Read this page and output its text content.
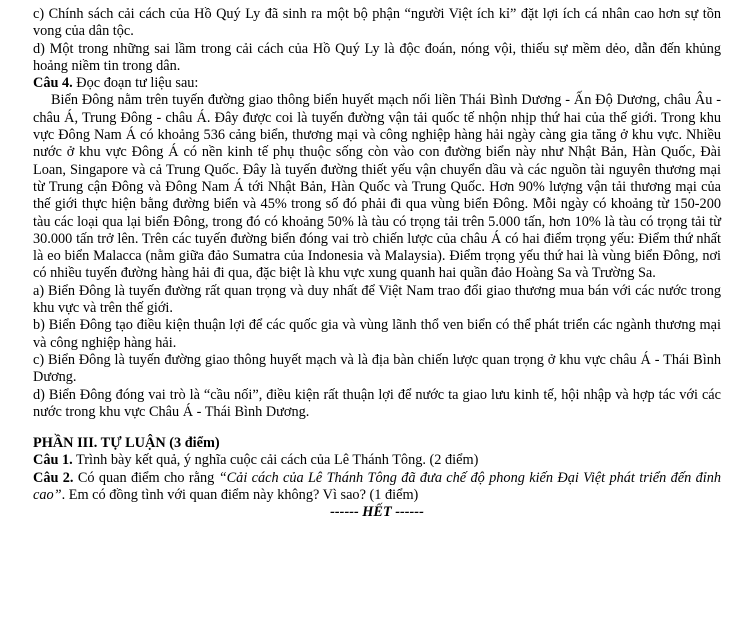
c) Chính sách cải cách của Hồ Quý Ly đã sinh ra một bộ phận “người Việt ích kỉ” đặt lợi ích cá nhân cao hơn sự tồn vong của dân tộc.

d) Một trong những sai lầm trong cải cách của Hồ Quý Ly là độc đoán, nóng vội, thiếu sự mềm dẻo, dẫn đến khủng hoảng niềm tin trong dân.

Câu 4. Đọc đoạn tư liệu sau:

Biển Đông nằm trên tuyến đường giao thông biển huyết mạch nối liền Thái Bình Dương - Ấn Độ Dương, châu Âu - châu Á, Trung Đông - châu Á. Đây được coi là tuyến đường vận tải quốc tế nhộn nhịp thứ hai của thế giới. Trong khu vực Đông Nam Á có khoảng 536 cảng biển, thương mại và công nghiệp hàng hải ngày càng gia tăng ở khu vực. Nhiều nước ở khu vực Đông Á có nền kinh tế phụ thuộc sống còn vào con đường biển này như Nhật Bản, Hàn Quốc, Đài Loan, Singapore và cả Trung Quốc. Đây là tuyến đường thiết yếu vận chuyển dầu và các nguồn tài nguyên thương mại từ Trung cận Đông và Đông Nam Á tới Nhật Bản, Hàn Quốc và Trung Quốc. Hơn 90% lượng vận tải thương mại của thế giới thực hiện bằng đường biển và 45% trong số đó phải đi qua vùng biển Đông. Mỗi ngày có khoảng từ 150-200 tàu các loại qua lại biển Đông, trong đó có khoảng 50% là tàu có trọng tải trên 5.000 tấn, hơn 10% là tàu có trọng tải từ 30.000 tấn trở lên. Trên các tuyến đường biển đóng vai trò chiến lược của châu Á có hai điểm trọng yếu: Điểm thứ nhất là eo biển Malacca (nằm giữa đảo Sumatra của Indonesia và Malaysia). Điểm trọng yếu thứ hai là vùng biển Đông, nơi có nhiều tuyến đường hàng hải đi qua, đặc biệt là khu vực xung quanh hai quần đảo Hoàng Sa và Trường Sa.

a) Biển Đông là tuyến đường rất quan trọng và duy nhất để Việt Nam trao đổi giao thương mua bán với các nước trong khu vực và trên thế giới.

b) Biển Đông tạo điều kiện thuận lợi để các quốc gia và vùng lãnh thổ ven biển có thể phát triển các ngành thương mại và công nghiệp hàng hải.

c) Biển Đông là tuyến đường giao thông huyết mạch và là địa bàn chiến lược quan trọng ở khu vực châu Á - Thái Bình Dương.

d) Biển Đông đóng vai trò là “cầu nối”, điều kiện rất thuận lợi để nước ta giao lưu kinh tế, hội nhập và hợp tác với các nước trong khu vực Châu Á - Thái Bình Dương.

PHẦN III. TỰ LUẬN (3 điểm)

Câu 1. Trình bày kết quả, ý nghĩa cuộc cải cách của Lê Thánh Tông. (2 điểm)

Câu 2. Có quan điểm cho rằng “Cải cách của Lê Thánh Tông đã đưa chế độ phong kiến Đại Việt phát triển đến đỉnh cao”. Em có đồng tình với quan điểm này không? Vì sao? (1 điểm)

------ HẾT ------
